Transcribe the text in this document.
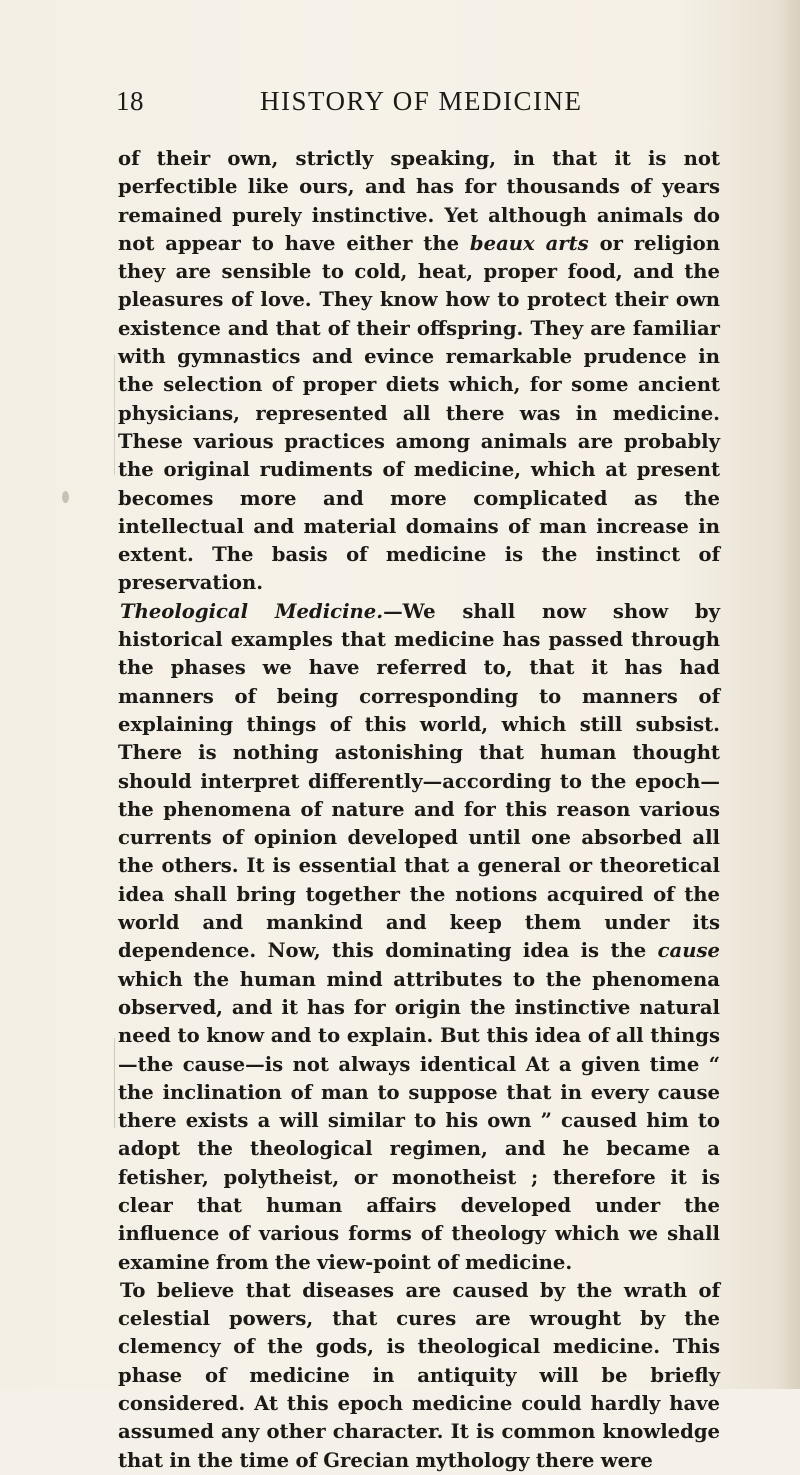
18	HISTORY OF MEDICINE

of their own, strictly speaking, in that it is not perfectible like ours, and has for thousands of years remained purely instinctive. Yet although animals do not appear to have either the beaux arts or religion they are sensible to cold, heat, proper food, and the pleasures of love. They know how to protect their own existence and that of their offspring. They are familiar with gymnastics and evince remarkable prudence in the selection of proper diets which, for some ancient physicians, represented all there was in medicine. These various practices among animals are probably the original rudiments of medicine, which at present becomes more and more complicated as the intellectual and material domains of man increase in extent. The basis of medicine is the instinct of preservation.

Theological Medicine.—We shall now show by historical examples that medicine has passed through the phases we have referred to, that it has had manners of being corresponding to manners of explaining things of this world, which still subsist. There is nothing astonishing that human thought should interpret differently—according to the epoch—the phenomena of nature and for this reason various currents of opinion developed until one absorbed all the others. It is essential that a general or theoretical idea shall bring together the notions acquired of the world and mankind and keep them under its dependence. Now, this dominating idea is the cause which the human mind attributes to the phenomena observed, and it has for origin the instinctive natural need to know and to explain. But this idea of all things—the cause—is not always identical At a given time “ the inclination of man to suppose that in every cause there exists a will similar to his own ” caused him to adopt the theological regimen, and he became a fetisher, polytheist, or monotheist ; therefore it is clear that human affairs developed under the influence of various forms of theology which we shall examine from the view-point of medicine.

To believe that diseases are caused by the wrath of celestial powers, that cures are wrought by the clemency of the gods, is theological medicine. This phase of medicine in antiquity will be briefly considered. At this epoch medicine could hardly have assumed any other character. It is common knowledge that in the time of Grecian mythology there were
